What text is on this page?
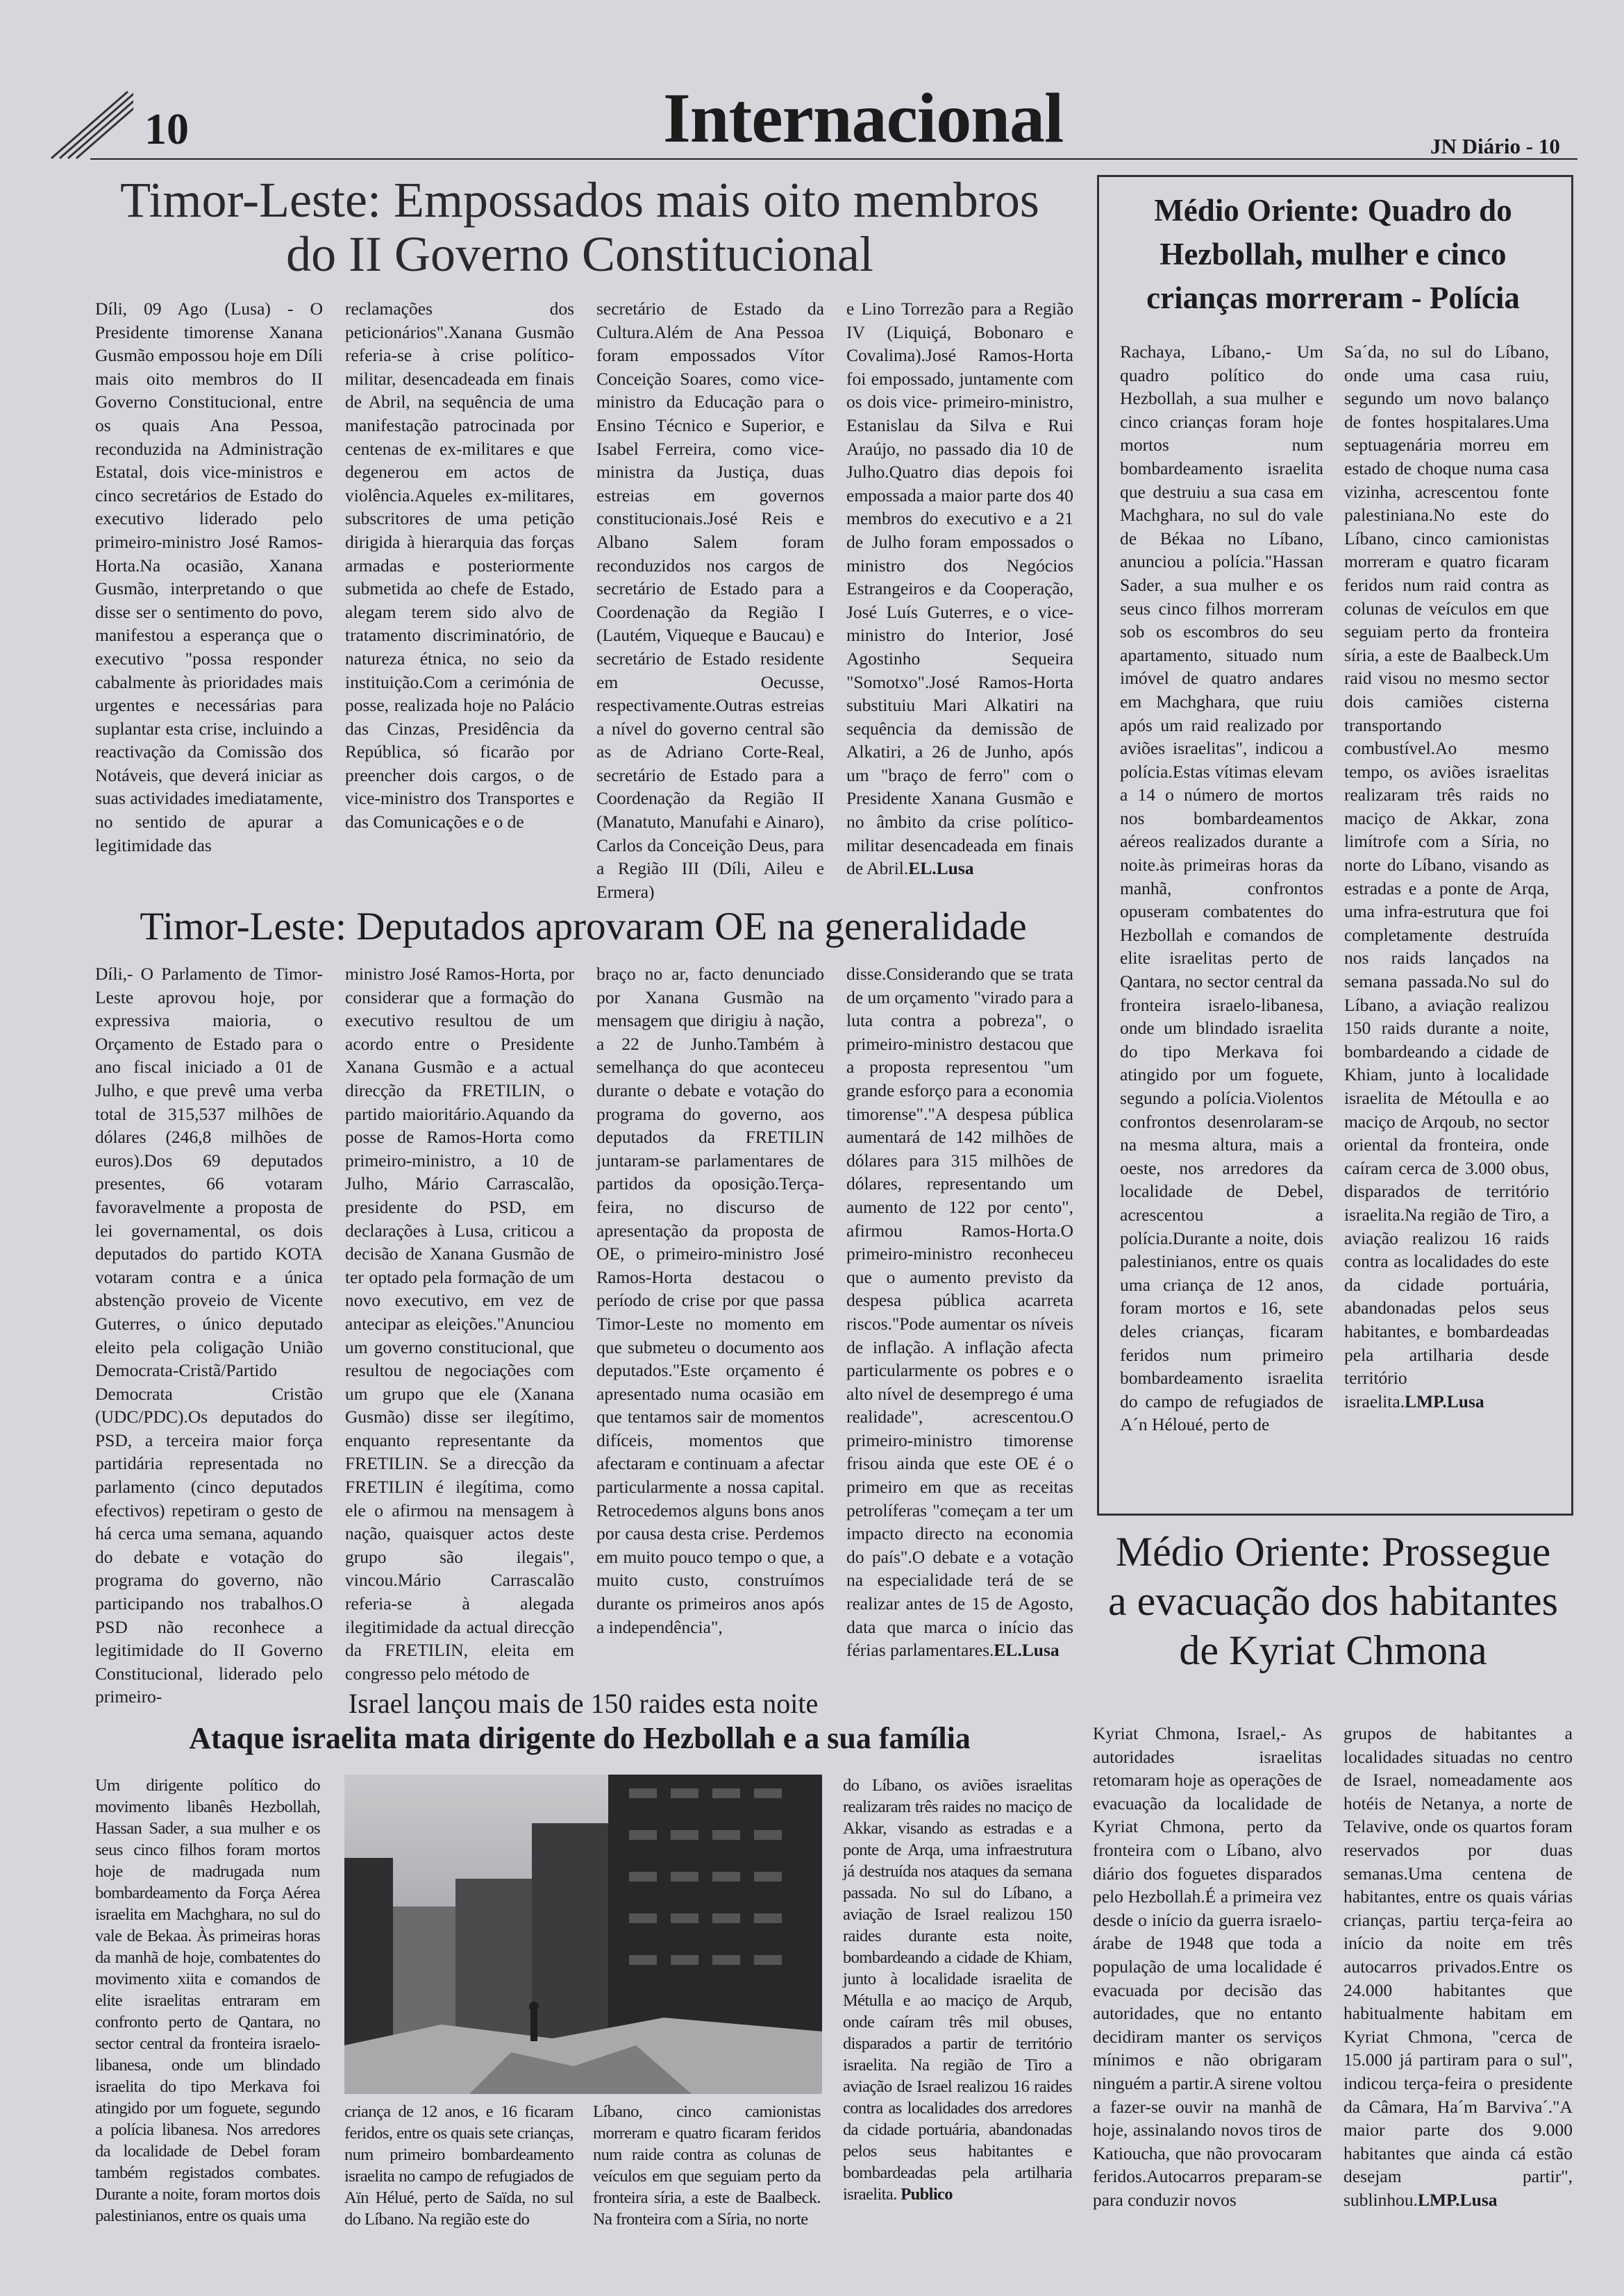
10	Internacional	JN Diário - 10
Timor-Leste: Empossados mais oito membros
do II Governo Constitucional
Díli, 09 Ago (Lusa) - O Presidente timorense Xanana Gusmão empossou hoje em Díli mais oito membros do II Governo Constitucional, entre os quais Ana Pessoa, reconduzida na Administração Estatal, dois vice-ministros e cinco secretários de Estado do executivo liderado pelo primeiro-ministro José Ramos-Horta.Na ocasião, Xanana Gusmão, interpretando o que disse ser o sentimento do povo, manifestou a esperança que o executivo "possa responder cabalmente às prioridades mais urgentes e necessárias para suplantar esta crise, incluindo a reactivação da Comissão dos Notáveis, que deverá iniciar as suas actividades imediatamente, no sentido de apurar a legitimidade das
reclamações dos peticionários".Xanana Gusmão referia-se à crise político-militar, desencadeada em finais de Abril, na sequência de uma manifestação patrocinada por centenas de ex-militares e que degenerou em actos de violência.Aqueles ex-militares, subscritores de uma petição dirigida à hierarquia das forças armadas e posteriormente submetida ao chefe de Estado, alegam terem sido alvo de tratamento discriminatório, de natureza étnica, no seio da instituição.Com a cerimónia de posse, realizada hoje no Palácio das Cinzas, Presidência da República, só ficarão por preencher dois cargos, o de vice-ministro dos Transportes e das Comunicações e o de
secretário de Estado da Cultura.Além de Ana Pessoa foram empossados Vítor Conceição Soares, como vice-ministro da Educação para o Ensino Técnico e Superior, e Isabel Ferreira, como vice-ministra da Justiça, duas estreias em governos constitucionais.José Reis e Albano Salem foram reconduzidos nos cargos de secretário de Estado para a Coordenação da Região I (Lautém, Viqueque e Baucau) e secretário de Estado residente em Oecusse, respectivamente.Outras estreias a nível do governo central são as de Adriano Corte-Real, secretário de Estado para a Coordenação da Região II (Manatuto, Manufahi e Ainaro), Carlos da Conceição Deus, para a Região III (Díli, Aileu e Ermera)
e Lino Torrezão para a Região IV (Liquiçá, Bobonaro e Covalima).José Ramos-Horta foi empossado, juntamente com os dois vice- primeiro-ministro, Estanislau da Silva e Rui Araújo, no passado dia 10 de Julho.Quatro dias depois foi empossada a maior parte dos 40 membros do executivo e a 21 de Julho foram empossados o ministro dos Negócios Estrangeiros e da Cooperação, José Luís Guterres, e o vice-ministro do Interior, José Agostinho Sequeira "Somotxo".José Ramos-Horta substituiu Mari Alkatiri na sequência da demissão de Alkatiri, a 26 de Junho, após um "braço de ferro" com o Presidente Xanana Gusmão e no âmbito da crise político-militar desencadeada em finais de Abril.EL.Lusa
Timor-Leste: Deputados aprovaram OE na generalidade
Díli,- O Parlamento de Timor-Leste aprovou hoje, por expressiva maioria, o Orçamento de Estado para o ano fiscal iniciado a 01 de Julho, e que prevê uma verba total de 315,537 milhões de dólares (246,8 milhões de euros).Dos 69 deputados presentes, 66 votaram favoravelmente a proposta de lei governamental, os dois deputados do partido KOTA votaram contra e a única abstenção proveio de Vicente Guterres, o único deputado eleito pela coligação União Democrata-Cristã/Partido Democrata Cristão (UDC/PDC).Os deputados do PSD, a terceira maior força partidária representada no parlamento (cinco deputados efectivos) repetiram o gesto de há cerca uma semana, aquando do debate e votação do programa do governo, não participando nos trabalhos.O PSD não reconhece a legitimidade do II Governo Constitucional, liderado pelo primeiro-
ministro José Ramos-Horta, por considerar que a formação do executivo resultou de um acordo entre o Presidente Xanana Gusmão e a actual direcção da FRETILIN, o partido maioritário.Aquando da posse de Ramos-Horta como primeiro-ministro, a 10 de Julho, Mário Carrascalão, presidente do PSD, em declarações à Lusa, criticou a decisão de Xanana Gusmão de ter optado pela formação de um novo executivo, em vez de antecipar as eleições."Anunciou um governo constitucional, que resultou de negociações com um grupo que ele (Xanana Gusmão) disse ser ilegítimo, enquanto representante da FRETILIN. Se a direcção da FRETILIN é ilegítima, como ele o afirmou na mensagem à nação, quaisquer actos deste grupo são ilegais", vincou.Mário Carrascalão referia-se à alegada ilegitimidade da actual direcção da FRETILIN, eleita em congresso pelo método de
braço no ar, facto denunciado por Xanana Gusmão na mensagem que dirigiu à nação, a 22 de Junho.Também à semelhança do que aconteceu durante o debate e votação do programa do governo, aos deputados da FRETILIN juntaram-se parlamentares de partidos da oposição.Terça-feira, no discurso de apresentação da proposta de OE, o primeiro-ministro José Ramos-Horta destacou o período de crise por que passa Timor-Leste no momento em que submeteu o documento aos deputados."Este orçamento é apresentado numa ocasião em que tentamos sair de momentos difíceis, momentos que afectaram e continuam a afectar particularmente a nossa capital. Retrocedemos alguns bons anos por causa desta crise. Perdemos em muito pouco tempo o que, a muito custo, construímos durante os primeiros anos após a independência",
disse.Considerando que se trata de um orçamento "virado para a luta contra a pobreza", o primeiro-ministro destacou que a proposta representou "um grande esforço para a economia timorense"."A despesa pública aumentará de 142 milhões de dólares para 315 milhões de dólares, representando um aumento de 122 por cento", afirmou Ramos-Horta.O primeiro-ministro reconheceu que o aumento previsto da despesa pública acarreta riscos."Pode aumentar os níveis de inflação. A inflação afecta particularmente os pobres e o alto nível de desemprego é uma realidade", acrescentou.O primeiro-ministro timorense frisou ainda que este OE é o primeiro em que as receitas petrolíferas "começam a ter um impacto directo na economia do país".O debate e a votação na especialidade terá de se realizar antes de 15 de Agosto, data que marca o início das férias parlamentares.EL.Lusa
Médio Oriente: Quadro do Hezbollah, mulher e cinco crianças morreram - Polícia
Rachaya, Líbano,- Um quadro político do Hezbollah, a sua mulher e cinco crianças foram hoje mortos num bombardeamento israelita que destruiu a sua casa em Machghara, no sul do vale de Békaa no Líbano, anunciou a polícia."Hassan Sader, a sua mulher e os seus cinco filhos morreram sob os escombros do seu apartamento, situado num imóvel de quatro andares em Machghara, que ruiu após um raid realizado por aviões israelitas", indicou a polícia.Estas vítimas elevam a 14 o número de mortos nos bombardeamentos aéreos realizados durante a noite.às primeiras horas da manhã, confrontos opuseram combatentes do Hezbollah e comandos de elite israelitas perto de Qantara, no sector central da fronteira israelo-libanesa, onde um blindado israelita do tipo Merkava foi atingido por um foguete, segundo a polícia.Violentos confrontos desenrolaram-se na mesma altura, mais a oeste, nos arredores da localidade de Debel, acrescentou a polícia.Durante a noite, dois palestinianos, entre os quais uma criança de 12 anos, foram mortos e 16, sete deles crianças, ficaram feridos num primeiro bombardeamento israelita do campo de refugiados de A´n Héloué, perto de
Sa´da, no sul do Líbano, onde uma casa ruiu, segundo um novo balanço de fontes hospitalares.Uma septuagenária morreu em estado de choque numa casa vizinha, acrescentou fonte palestiniana.No este do Líbano, cinco camionistas morreram e quatro ficaram feridos num raid contra as colunas de veículos em que seguiam perto da fronteira síria, a este de Baalbeck.Um raid visou no mesmo sector dois camiões cisterna transportando combustível.Ao mesmo tempo, os aviões israelitas realizaram três raids no maciço de Akkar, zona limítrofe com a Síria, no norte do Líbano, visando as estradas e a ponte de Arqa, uma infra-estrutura que foi completamente destruída nos raids lançados na semana passada.No sul do Líbano, a aviação realizou 150 raids durante a noite, bombardeando a cidade de Khiam, junto à localidade israelita de Métoulla e ao maciço de Arqoub, no sector oriental da fronteira, onde caíram cerca de 3.000 obus, disparados de território israelita.Na região de Tiro, a aviação realizou 16 raids contra as localidades do este da cidade portuária, abandonadas pelos seus habitantes, e bombardeadas pela artilharia desde território israelita.LMP.Lusa
Médio Oriente: Prossegue
a evacuação dos habitantes
de Kyriat Chmona
Kyriat Chmona, Israel,- As autoridades israelitas retomaram hoje as operações de evacuação da localidade de Kyriat Chmona, perto da fronteira com o Líbano, alvo diário dos foguetes disparados pelo Hezbollah.É a primeira vez desde o início da guerra israelo-árabe de 1948 que toda a população de uma localidade é evacuada por decisão das autoridades, que no entanto decidiram manter os serviços mínimos e não obrigaram ninguém a partir.A sirene voltou a fazer-se ouvir na manhã de hoje, assinalando novos tiros de Katioucha, que não provocaram feridos.Autocarros preparam-se para conduzir novos
grupos de habitantes a localidades situadas no centro de Israel, nomeadamente aos hotéis de Netanya, a norte de Telavive, onde os quartos foram reservados por duas semanas.Uma centena de habitantes, entre os quais várias crianças, partiu terça-feira ao início da noite em três autocarros privados.Entre os 24.000 habitantes que habitualmente habitam em Kyriat Chmona, "cerca de 15.000 já partiram para o sul", indicou terça-feira o presidente da Câmara, Ha´m Barviva´."A maior parte dos 9.000 habitantes que ainda cá estão desejam partir", sublinhou.LMP.Lusa
Israel lançou mais de 150 raides esta noite
Ataque israelita mata dirigente do Hezbollah e a sua família
Um dirigente político do movimento libanês Hezbollah, Hassan Sader, a sua mulher e os seus cinco filhos foram mortos hoje de madrugada num bombardeamento da Força Aérea israelita em Machghara, no sul do vale de Bekaa. Às primeiras horas da manhã de hoje, combatentes do movimento xiita e comandos de elite israelitas entraram em confronto perto de Qantara, no sector central da fronteira israelo-libanesa, onde um blindado israelita do tipo Merkava foi atingido por um foguete, segundo a polícia libanesa. Nos arredores da localidade de Debel foram também registados combates. Durante a noite, foram mortos dois palestinianos, entre os quais uma
criança de 12 anos, e 16 ficaram feridos, entre os quais sete crianças, num primeiro bombardeamento israelita no campo de refugiados de Aïn Hélué, perto de Saïda, no sul do Líbano. Na região este do
Líbano, cinco camionistas morreram e quatro ficaram feridos num raide contra as colunas de veículos em que seguiam perto da fronteira síria, a este de Baalbeck. Na fronteira com a Síria, no norte
do Líbano, os aviões israelitas realizaram três raides no maciço de Akkar, visando as estradas e a ponte de Arqa, uma infraestrutura já destruída nos ataques da semana passada. No sul do Líbano, a aviação de Israel realizou 150 raides durante esta noite, bombardeando a cidade de Khiam, junto à localidade israelita de Métulla e ao maciço de Arqub, onde caíram três mil obuses, disparados a partir de território israelita. Na região de Tiro a aviação de Israel realizou 16 raides contra as localidades dos arredores da cidade portuária, abandonadas pelos seus habitantes e bombardeadas pela artilharia israelita. Publico
